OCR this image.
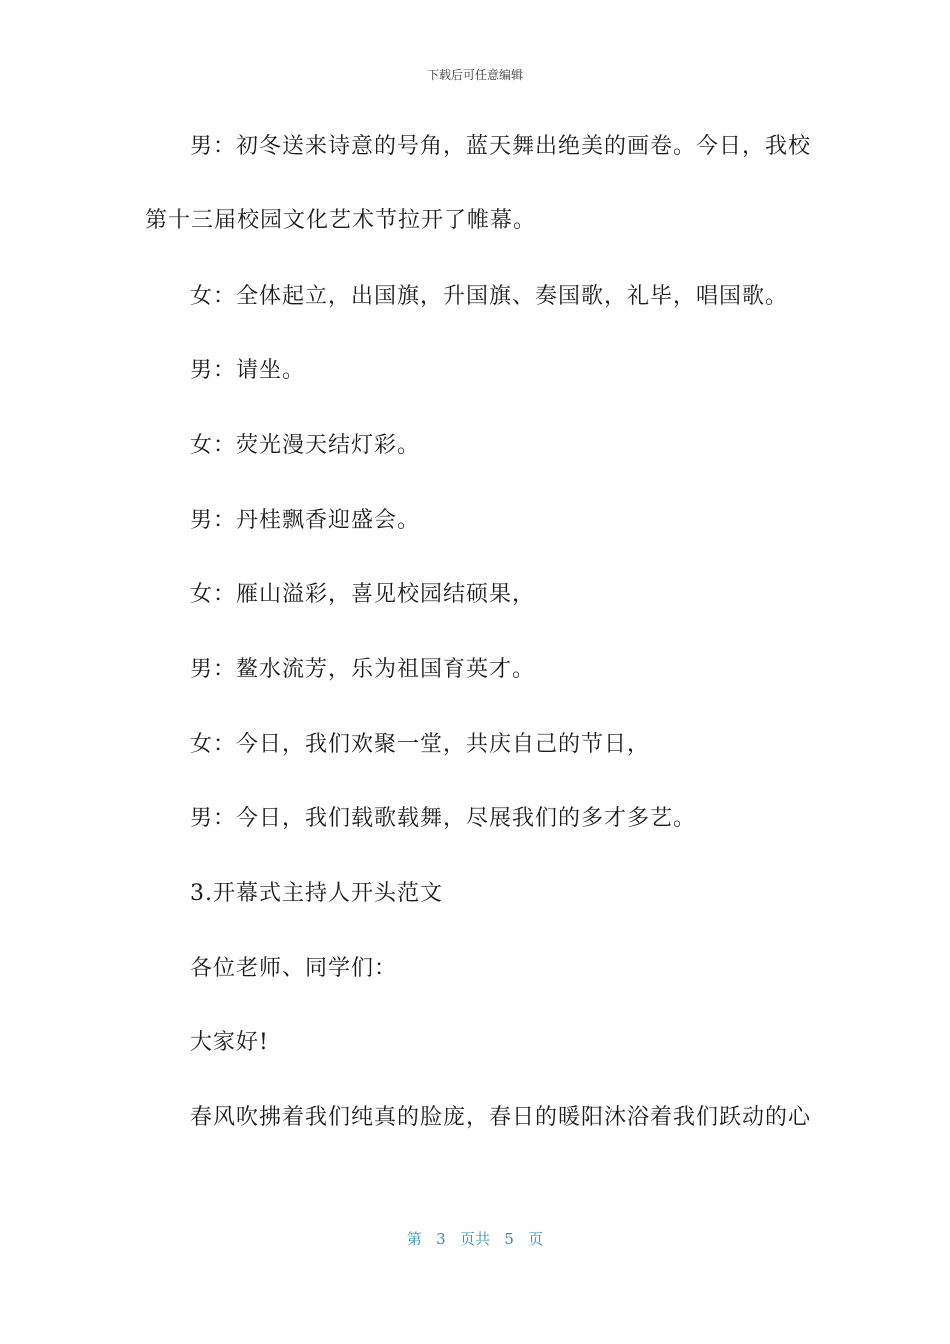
下载后可任意编辑
男：初冬送来诗意的号角，蓝天舞出绝美的画卷。今日，我校
第十三届校园文化艺术节拉开了帷幕。
女：全体起立，出国旗，升国旗、奏国歌，礼毕，唱国歌。
男：请坐。
女：荧光漫天结灯彩。
男：丹桂飘香迎盛会。
女：雁山溢彩，喜见校园结硕果，
男：鳌水流芳，乐为祖国育英才。
女：今日，我们欢聚一堂，共庆自己的节日，
男：今日，我们载歌载舞，尽展我们的多才多艺。
3.开幕式主持人开头范文
各位老师、同学们：
大家好!
春风吹拂着我们纯真的脸庞，春日的暖阳沐浴着我们跃动的心
第 3 页共 5 页
